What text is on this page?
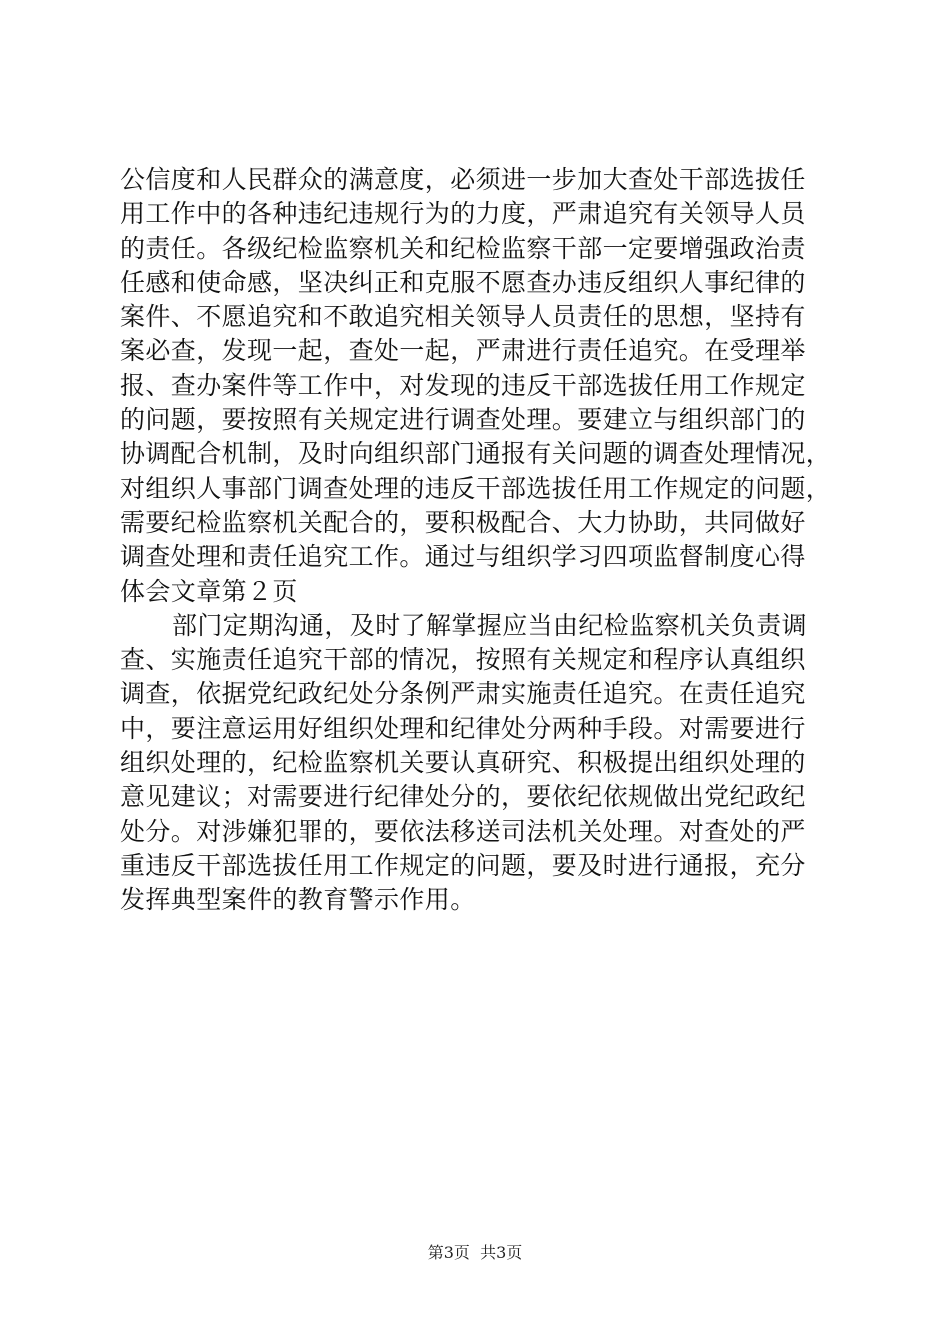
公信度和人民群众的满意度，必须进一步加大查处干部选拔任
用工作中的各种违纪违规行为的力度，严肃追究有关领导人员
的责任。各级纪检监察机关和纪检监察干部一定要增强政治责
任感和使命感，坚决纠正和克服不愿查办违反组织人事纪律的
案件、不愿追究和不敢追究相关领导人员责任的思想，坚持有
案必查，发现一起，查处一起，严肃进行责任追究。在受理举
报、查办案件等工作中，对发现的违反干部选拔任用工作规定
的问题，要按照有关规定进行调查处理。要建立与组织部门的
协调配合机制，及时向组织部门通报有关问题的调查处理情况，
对组织人事部门调查处理的违反干部选拔任用工作规定的问题，
需要纪检监察机关配合的，要积极配合、大力协助，共同做好
调查处理和责任追究工作。通过与组织学习四项监督制度心得
体会文章第２页
部门定期沟通，及时了解掌握应当由纪检监察机关负责调
查、实施责任追究干部的情况，按照有关规定和程序认真组织
调查，依据党纪政纪处分条例严肃实施责任追究。在责任追究
中，要注意运用好组织处理和纪律处分两种手段。对需要进行
组织处理的，纪检监察机关要认真研究、积极提出组织处理的
意见建议；对需要进行纪律处分的，要依纪依规做出党纪政纪
处分。对涉嫌犯罪的，要依法移送司法机关处理。对查处的严
重违反干部选拔任用工作规定的问题，要及时进行通报，充分
发挥典型案件的教育警示作用。
第3页  共3页
